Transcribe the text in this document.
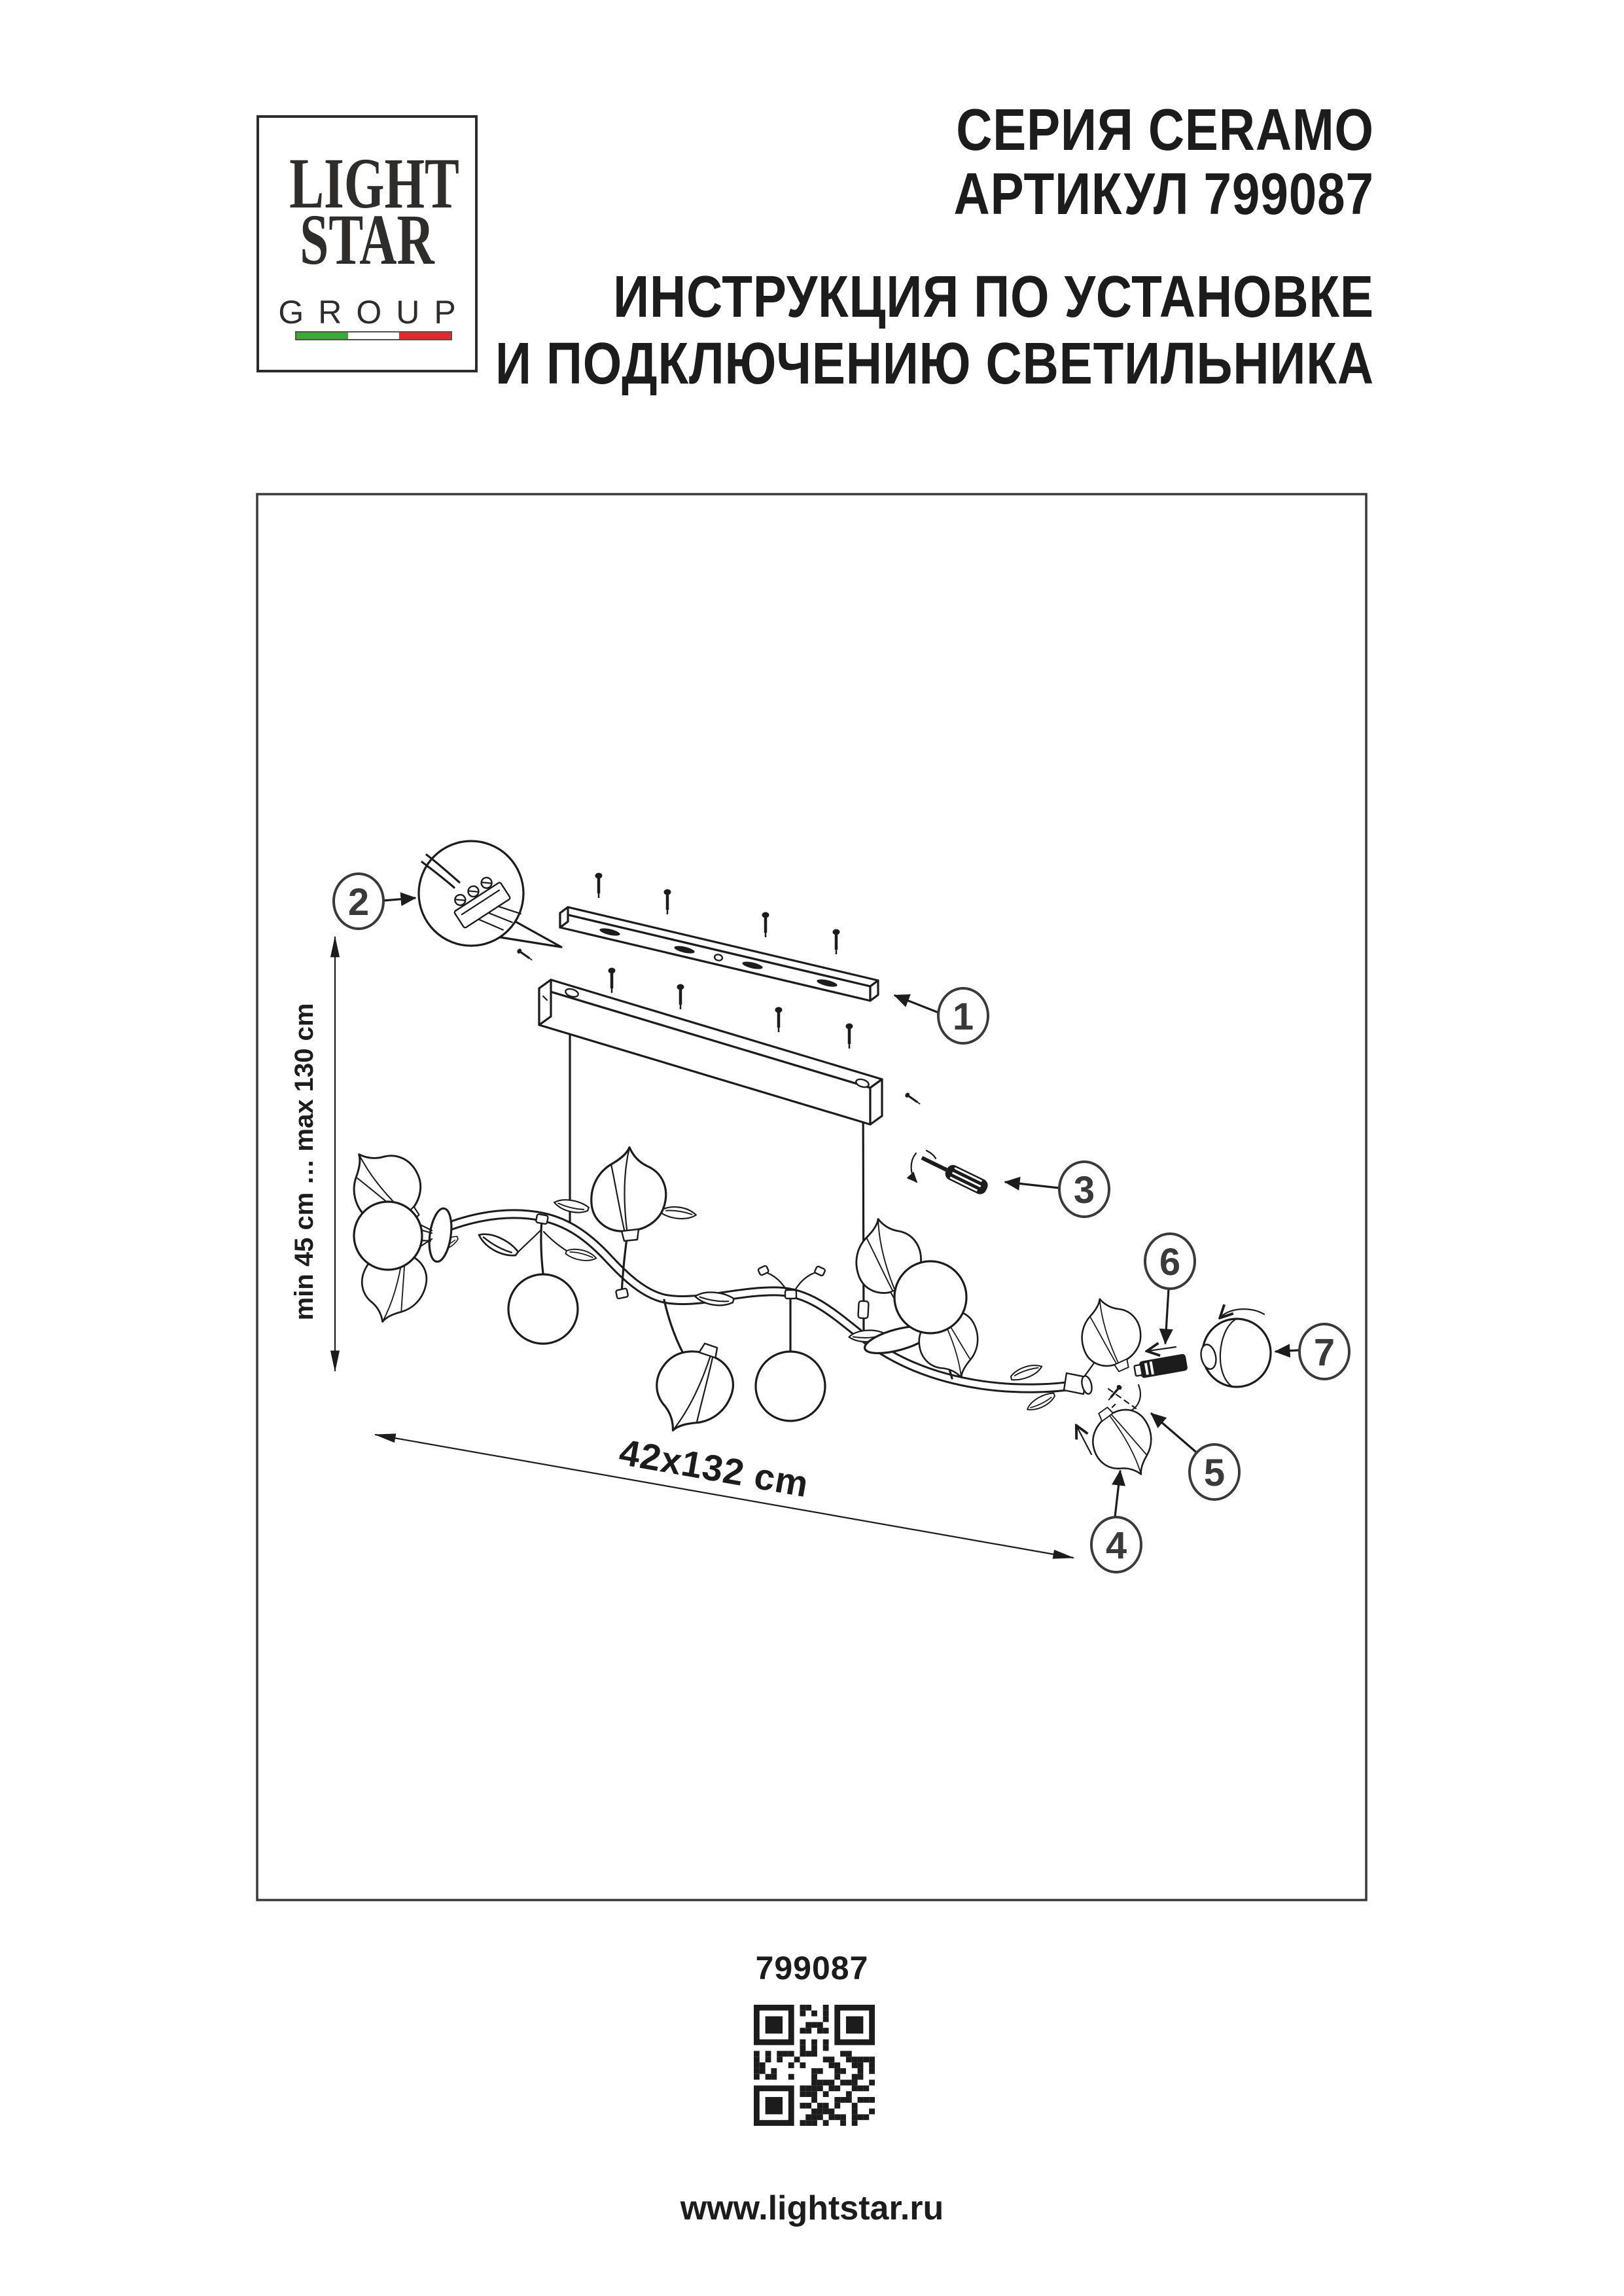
LIGHT
STAR
GROUP
СЕРИЯ CERAMO
АРТИКУЛ 799087
ИНСТРУКЦИЯ ПО УСТАНОВКЕ
И ПОДКЛЮЧЕНИЮ СВЕТИЛЬНИКА
1
2
3
4
5
6
7
min 45 cm … max 130 cm
42x132 cm
799087
www.lightstar.ru
